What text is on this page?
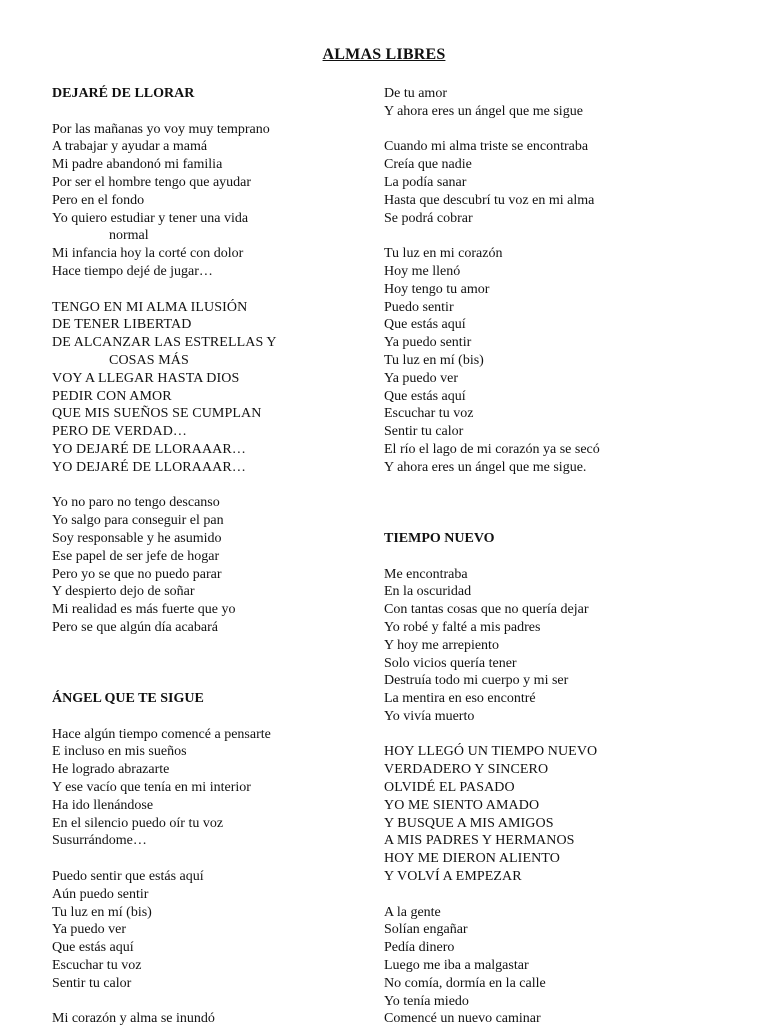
ALMAS LIBRES
DEJARÉ DE LLORAR
Por las mañanas yo voy muy temprano
A trabajar y ayudar a mamá
Mi padre abandonó mi familia
Por ser el hombre tengo que ayudar
Pero en el fondo
Yo quiero estudiar y tener una vida
normal
Mi infancia hoy la corté con dolor
Hace tiempo dejé de jugar…
TENGO EN MI ALMA ILUSIÓN
DE TENER LIBERTAD
DE ALCANZAR LAS ESTRELLAS Y
COSAS MÁS
VOY A LLEGAR HASTA DIOS
PEDIR CON AMOR
QUE MIS SUEÑOS SE CUMPLAN
PERO DE VERDAD…
YO DEJARÉ DE LLORAAAR…
YO DEJARÉ DE LLORAAAR…
Yo no paro no tengo descanso
Yo salgo para conseguir el pan
Soy responsable y he asumido
Ese papel de ser jefe de hogar
Pero yo se que no puedo parar
Y despierto dejo de soñar
Mi realidad es más fuerte que yo
Pero se que algún día acabará
ÁNGEL QUE TE SIGUE
Hace algún tiempo comencé a pensarte
E incluso en mis sueños
He logrado abrazarte
Y ese vacío que tenía en mi interior
Ha ido llenándose
En el silencio puedo oír tu voz
Susurrándome…
Puedo sentir que estás aquí
Aún puedo sentir
Tu luz en mí (bis)
Ya puedo ver
Que estás aquí
Escuchar tu voz
Sentir tu calor
Mi corazón y alma se inundó
De tu amor
Y ahora eres un ángel que me sigue
Cuando mi alma triste se encontraba
Creía que nadie
La podía sanar
Hasta que descubrí tu voz en mi alma
Se podrá cobrar
Tu luz en mi corazón
Hoy me llenó
Hoy tengo tu amor
Puedo sentir
Que estás aquí
Ya puedo sentir
Tu luz en mí (bis)
Ya puedo ver
Que estás aquí
Escuchar tu voz
Sentir tu calor
El río el lago de mi corazón ya se secó
Y ahora eres un ángel que me sigue.
TIEMPO NUEVO
Me encontraba
En la oscuridad
Con tantas cosas que no quería dejar
Yo robé y falté a mis padres
Y hoy me arrepiento
Solo vicios quería tener
Destruía todo mi cuerpo y mi ser
La mentira en eso encontré
Yo vivía muerto
HOY LLEGÓ UN TIEMPO NUEVO
VERDADERO Y SINCERO
OLVIDÉ EL PASADO
YO ME SIENTO AMADO
Y BUSQUE A MIS AMIGOS
A MIS PADRES Y HERMANOS
HOY ME DIERON ALIENTO
Y VOLVÍ A EMPEZAR
A la gente
Solían engañar
Pedía dinero
Luego me iba a malgastar
No comía, dormía en la calle
Yo tenía miedo
Comencé un nuevo caminar
